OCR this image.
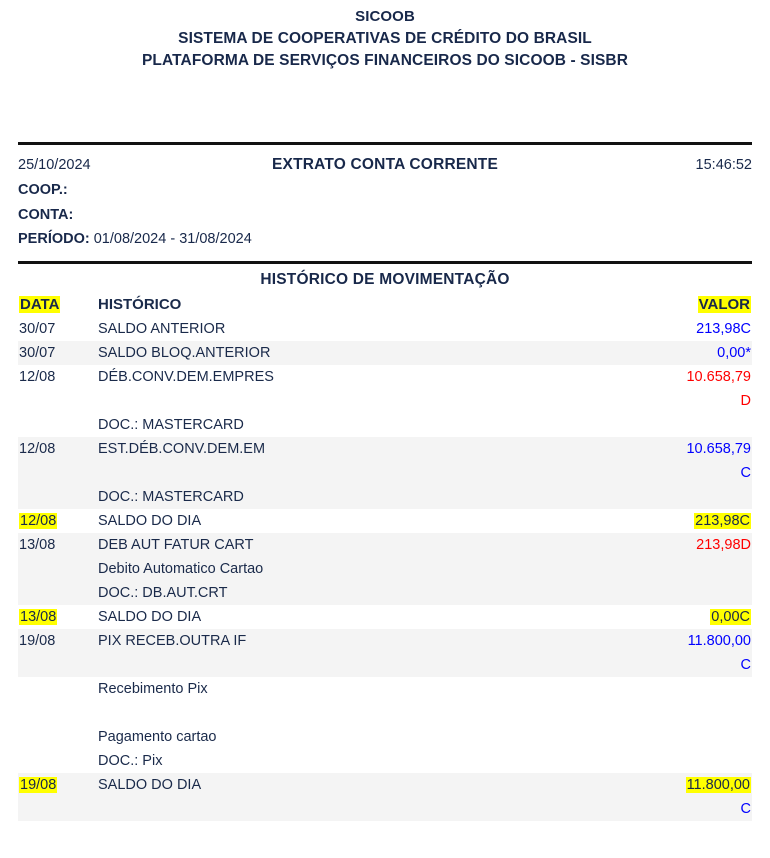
SICOOB
SISTEMA DE COOPERATIVAS DE CRÉDITO DO BRASIL
PLATAFORMA DE SERVIÇOS FINANCEIROS DO SICOOB - SISBR
25/10/2024	EXTRATO CONTA CORRENTE	15:46:52
COOP.:
CONTA:
PERÍODO: 01/08/2024 - 31/08/2024
HISTÓRICO DE MOVIMENTAÇÃO
DATA	HISTÓRICO	VALOR
30/07	SALDO ANTERIOR	213,98C
30/07	SALDO BLOQ.ANTERIOR	0,00*
12/08	DÉB.CONV.DEM.EMPRES	10.658,79
D
DOC.: MASTERCARD
12/08	EST.DÉB.CONV.DEM.EM	10.658,79
C
DOC.: MASTERCARD
12/08	SALDO DO DIA	213,98C
13/08	DEB AUT FATUR CART	213,98D
Debito Automatico Cartao
DOC.: DB.AUT.CRT
13/08	SALDO DO DIA	0,00C
19/08	PIX RECEB.OUTRA IF	11.800,00
C
Recebimento Pix
Pagamento cartao
DOC.: Pix
19/08	SALDO DO DIA	11.800,00
C
